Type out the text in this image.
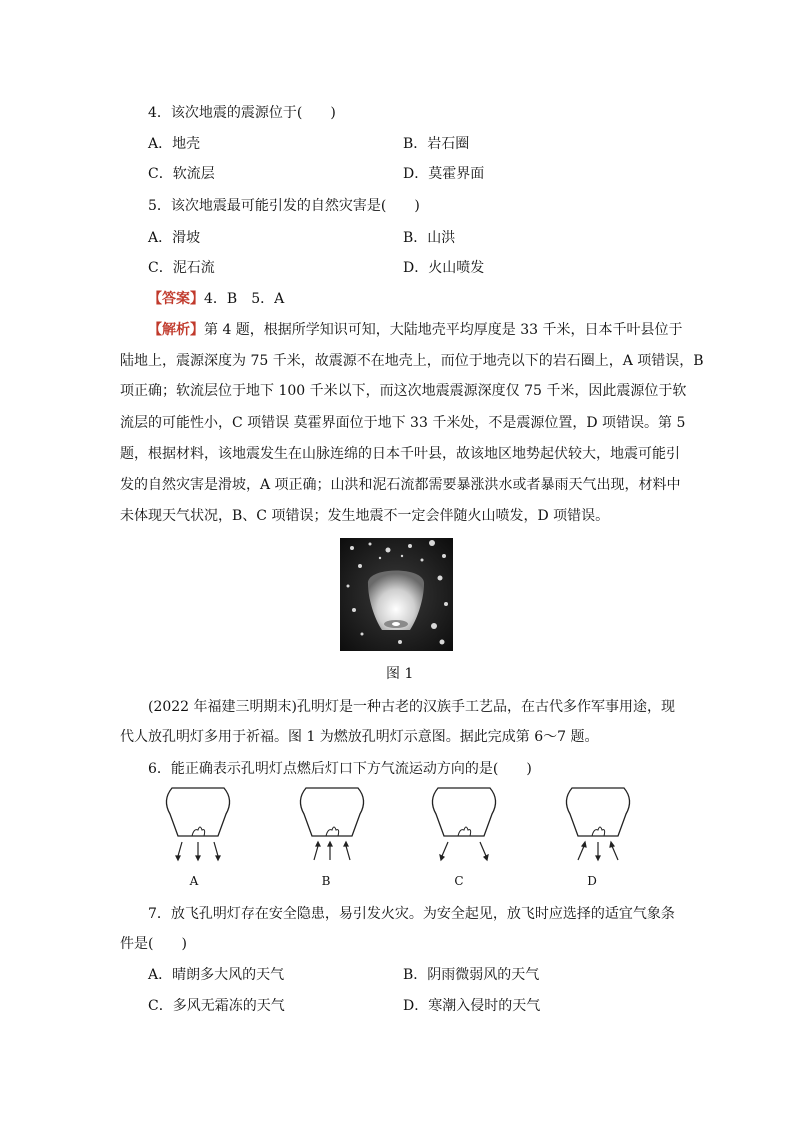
4．该次地震的震源位于(　　)
A．地壳	B．岩石圈
C．软流层	D．莫霍界面
5．该次地震最可能引发的自然灾害是(　　)
A．滑坡	B．山洪
C．泥石流	D．火山喷发
【答案】4．B　5．A
【解析】第 4 题，根据所学知识可知，大陆地壳平均厚度是 33 千米，日本千叶县位于
陆地上，震源深度为 75 千米，故震源不在地壳上，而位于地壳以下的岩石圈上，A 项错误，B
项正确；软流层位于地下 100 千米以下，而这次地震震源深度仅 75 千米，因此震源位于软
流层的可能性小，C 项错误 莫霍界面位于地下 33 千米处，不是震源位置，D 项错误。第 5
题，根据材料，该地震发生在山脉连绵的日本千叶县，故该地区地势起伏较大，地震可能引
发的自然灾害是滑坡，A 项正确；山洪和泥石流都需要暴涨洪水或者暴雨天气出现，材料中
未体现天气状况，B、C 项错误；发生地震不一定会伴随火山喷发，D 项错误。
图 1
(2022 年福建三明期末)孔明灯是一种古老的汉族手工艺品，在古代多作军事用途，现
代人放孔明灯多用于祈福。图 1 为燃放孔明灯示意图。据此完成第 6～7 题。
6．能正确表示孔明灯点燃后灯口下方气流运动方向的是(　　)
A	B	C	D
7．放飞孔明灯存在安全隐患，易引发火灾。为安全起见，放飞时应选择的适宜气象条
件是(　　)
A．晴朗多大风的天气	B．阴雨微弱风的天气
C．多风无霜冻的天气	D．寒潮入侵时的天气
